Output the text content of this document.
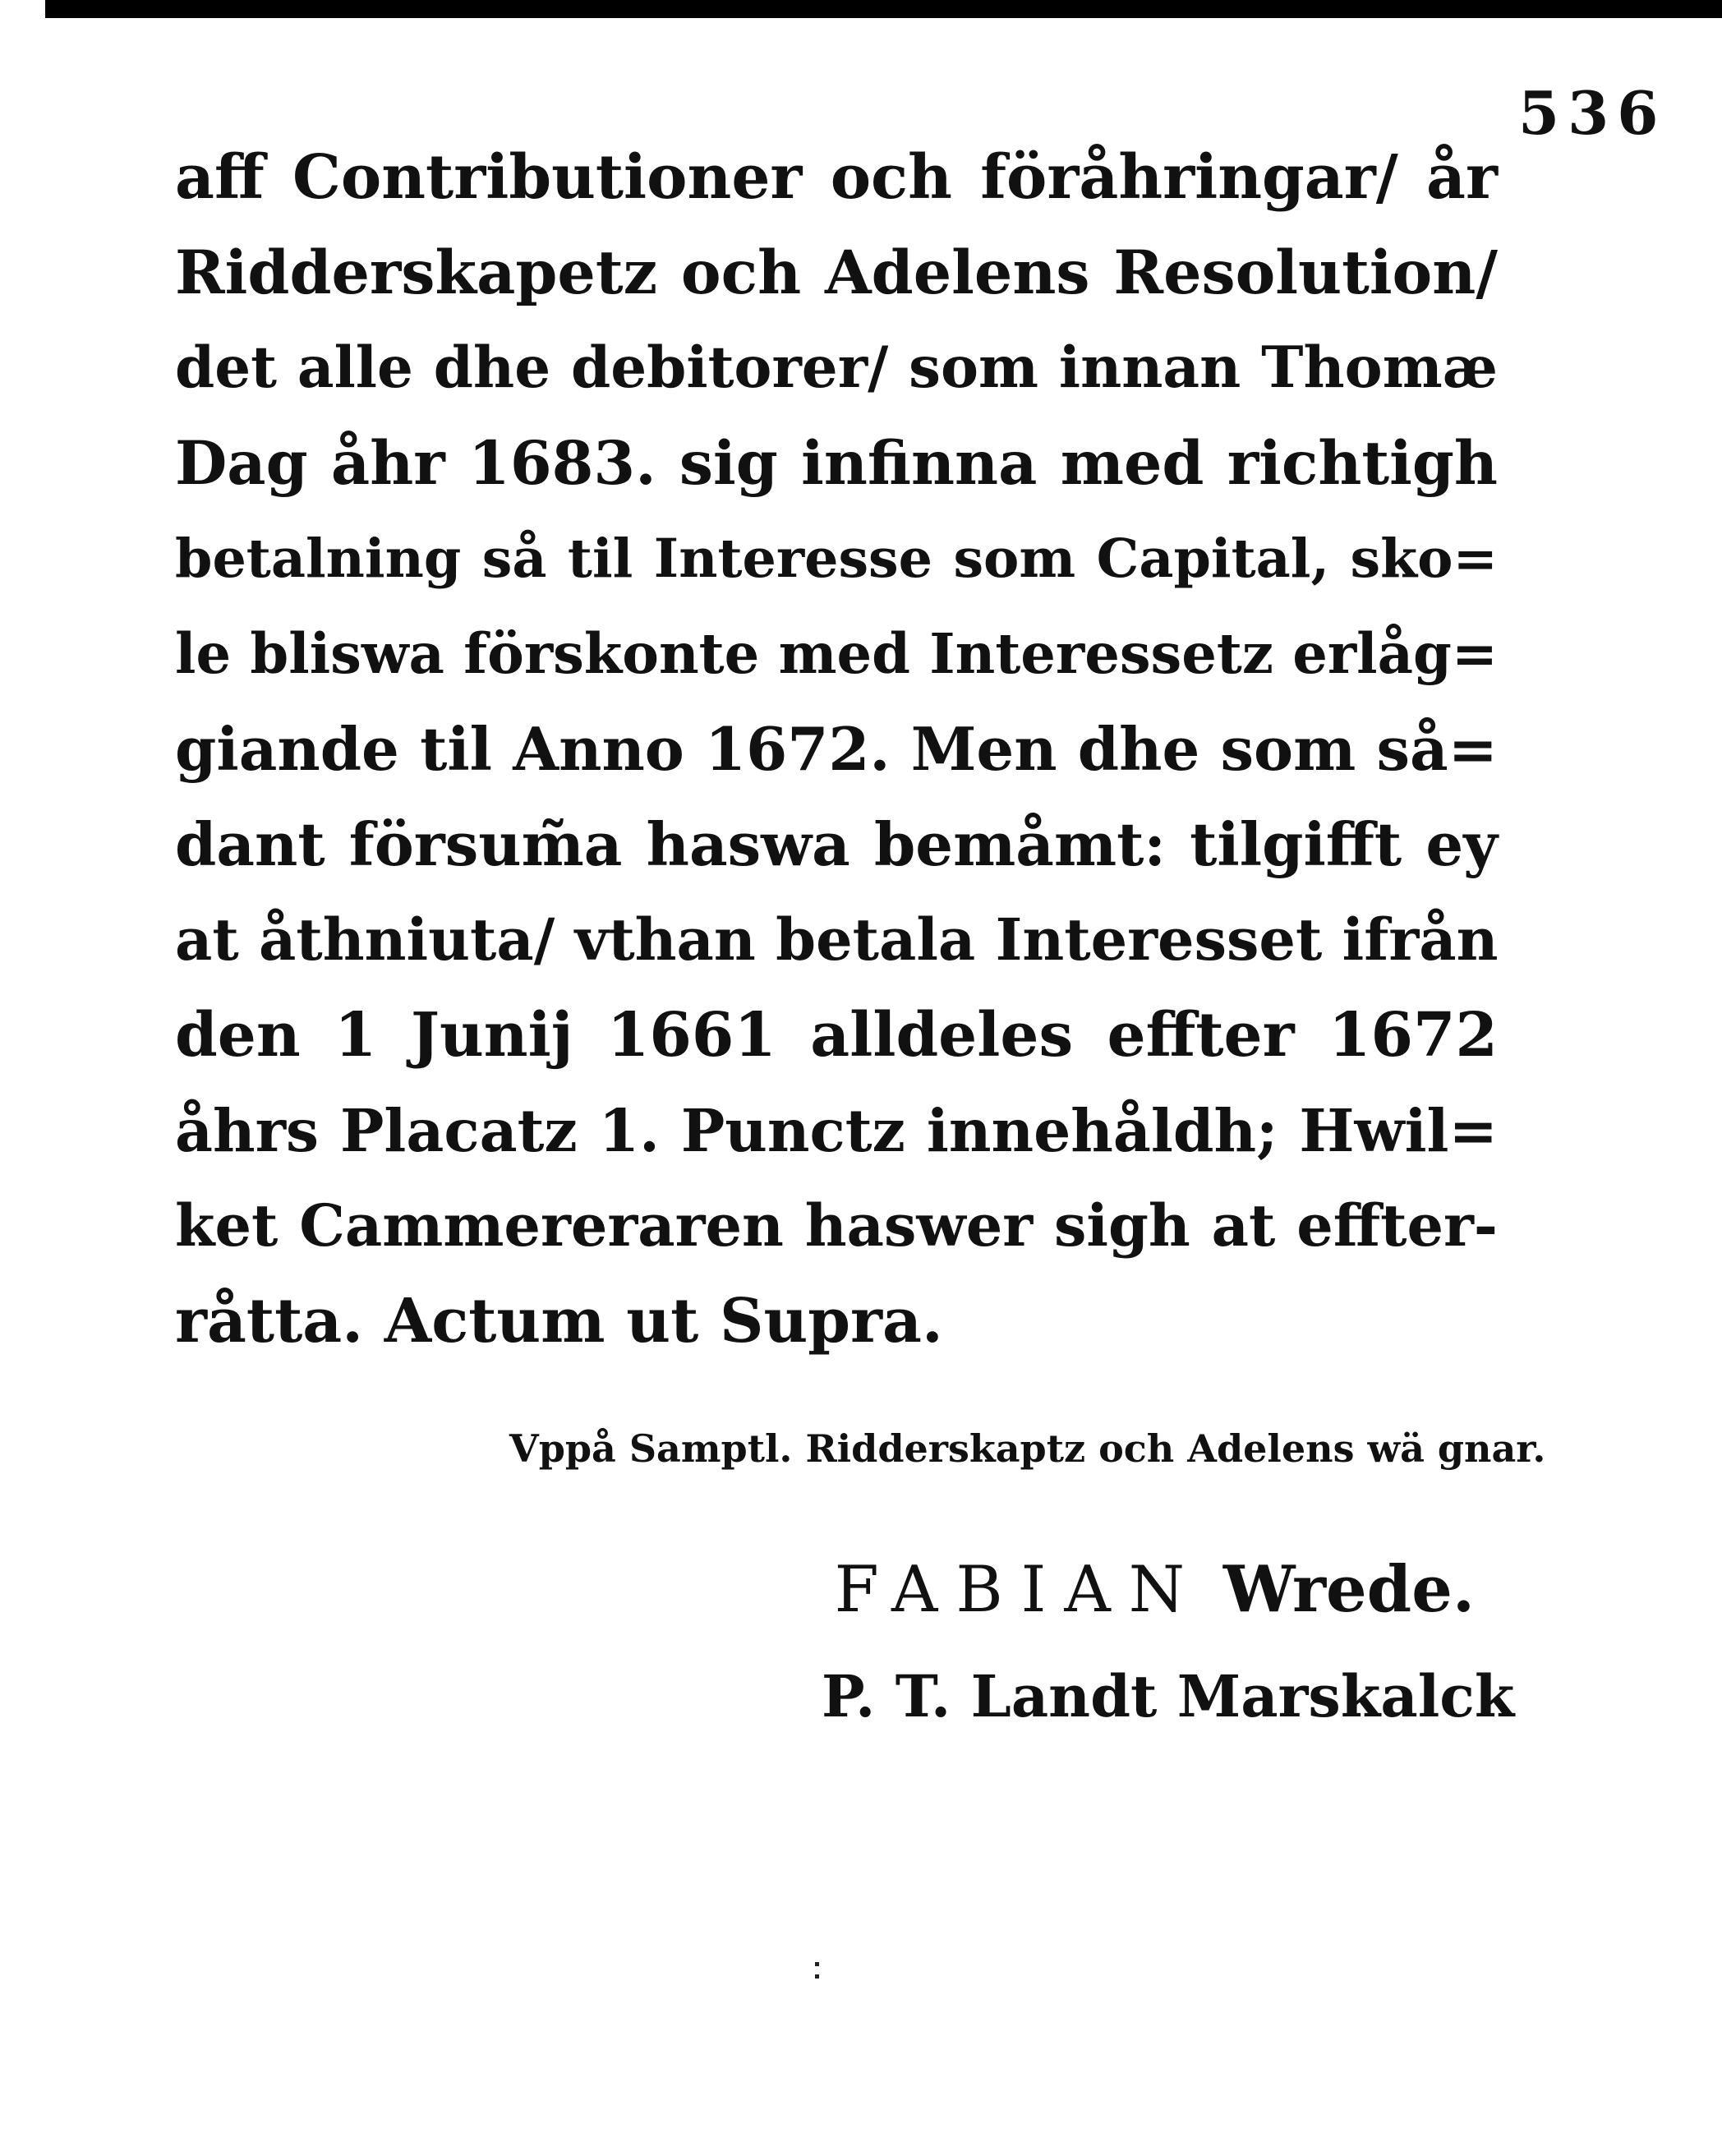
536
aff Contributioner och föråhringar/ år
Ridderskapetz och Adelens Resolution/
det alle dhe debitorer/ som innan Thomæ
Dag åhr 1683. sig infinna med richtigh
betalning så til Interesse som Capital, sko=
le bliswa förskonte med Interessetz erlåg=
giande til Anno 1672. Men dhe som så=
dant försum̃a haswa bemåmt: tilgifft ey
at åthniuta/ vthan betala Interesset ifrån
den 1 Junij 1661 alldeles effter 1672
åhrs Placatz 1. Punctz innehåldh; Hwil=
ket Cammereraren haswer sigh at effter-
råtta. Actum ut Supra.
Vppå Samptl. Ridderskaptz och Adelens wä gnar.
FABIAN Wrede.
P. T. Landt Marskalck
